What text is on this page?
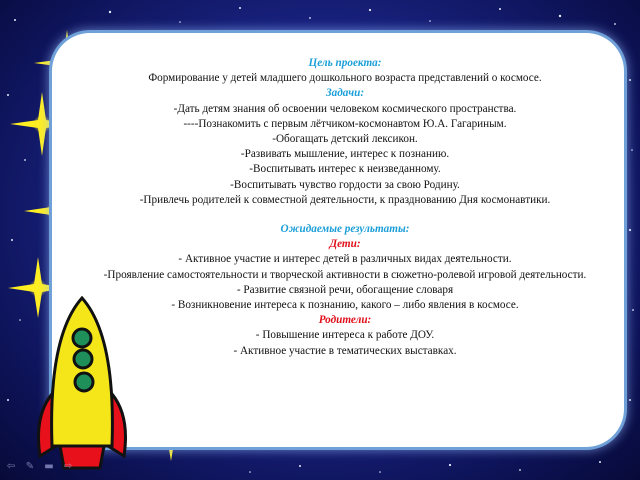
Цель проекта:
Формирование у детей младшего дошкольного возраста представлений о космосе.
Задачи:
-Дать детям знания об освоении человеком космического пространства.
----Познакомить с первым лётчиком-космонавтом Ю.А. Гагариным.
-Обогащать детский лексикон.
-Развивать мышление, интерес к познанию.
-Воспитывать интерес к неизведанному.
-Воспитывать чувство гордости за свою Родину.
-Привлечь родителей к совместной деятельности, к празднованию Дня космонавтики.
Ожидаемые результаты:
Дети:
- Активное участие и интерес детей в различных видах деятельности.
-Проявление самостоятельности и творческой активности в сюжетно-ролевой игровой деятельности.
- Развитие связной речи, обогащение словаря
- Возникновение интереса к познанию, какого – либо явления в космосе.
Родители:
- Повышение интереса к работе ДОУ.
- Активное участие в тематических выставках.
⇦ ✎ ▬ ⇨
